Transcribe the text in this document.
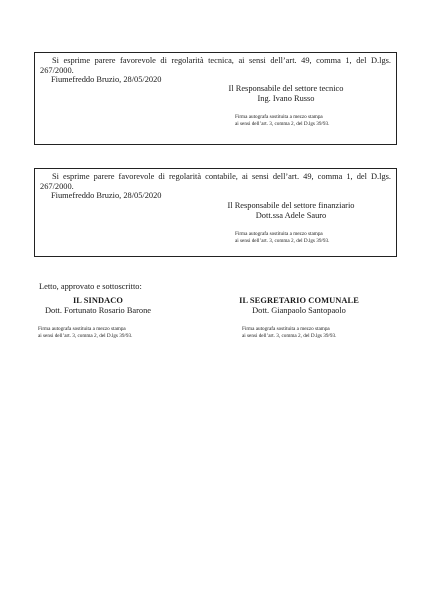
Si esprime parere favorevole di regolarità tecnica, ai sensi dell’art. 49, comma 1, del D.lgs. 267/2000.

Fiumefreddo Bruzio, 28/05/2020

Il Responsabile del settore tecnico
Ing. Ivano Russo
Firma autografa sostituita a mezzo stampa
ai sensi dell’art. 3, comma 2, del D.lgs 39/93.

Si esprime parere favorevole di regolarità contabile, ai sensi dell’art. 49, comma 1, del D.lgs. 267/2000.

Fiumefreddo Bruzio, 28/05/2020

Il Responsabile del settore finanziario
Dott.ssa Adele Sauro
Firma autografa sostituita a mezzo stampa
ai sensi dell’art. 3, comma 2, del D.lgs 39/93.

Letto, approvato e sottoscritto:

IL SINDACO
Dott. Fortunato Rosario Barone
IL SEGRETARIO COMUNALE
Dott. Gianpaolo Santopaolo
Firma autografa sostituita a mezzo stampa
ai sensi dell’art. 3, comma 2, del D.lgs 39/93.
Firma autografa sostituita a mezzo stampa
ai sensi dell’art. 3, comma 2, del D.lgs 39/93.
